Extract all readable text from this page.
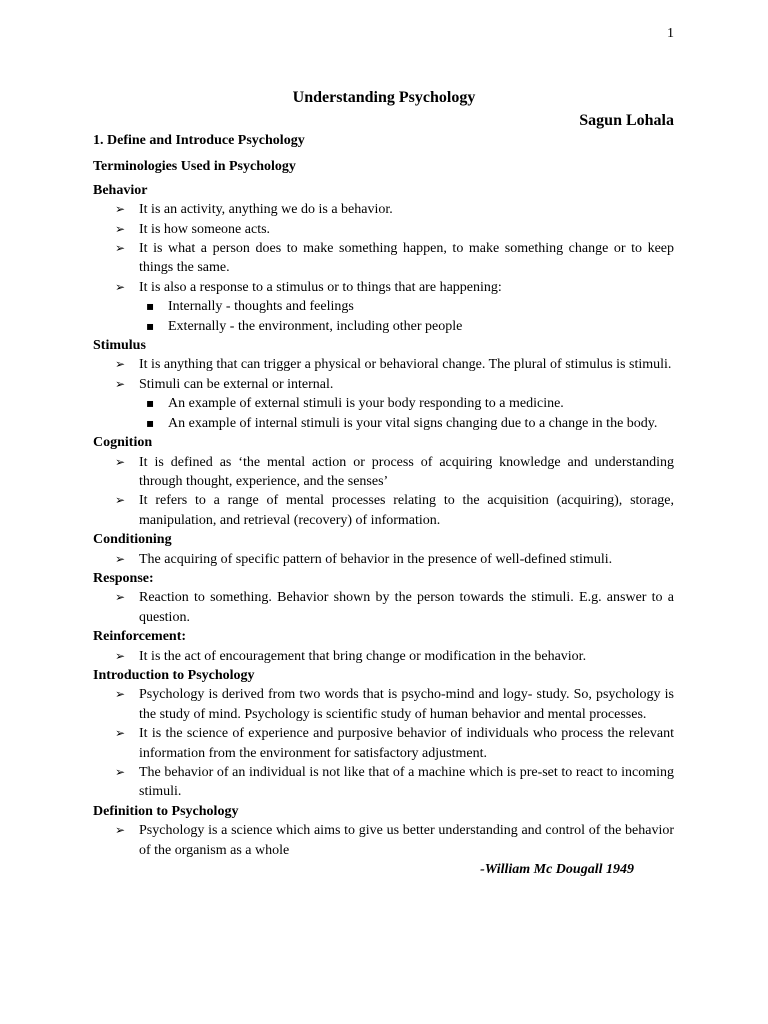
1
Understanding Psychology
Sagun Lohala
1. Define and Introduce Psychology
Terminologies Used in Psychology
Behavior
➢ It is an activity, anything we do is a behavior.
➢ It is how someone acts.
➢ It is what a person does to make something happen, to make something change or to keep things the same.
➢ It is also a response to a stimulus or to things that are happening:
▪ Internally - thoughts and feelings
▪ Externally - the environment, including other people
Stimulus
➢ It is anything that can trigger a physical or behavioral change. The plural of stimulus is stimuli.
➢ Stimuli can be external or internal.
▪ An example of external stimuli is your body responding to a medicine.
▪ An example of internal stimuli is your vital signs changing due to a change in the body.
Cognition
➢ It is defined as ‘the mental action or process of acquiring knowledge and understanding through thought, experience, and the senses’
➢ It refers to a range of mental processes relating to the acquisition (acquiring), storage, manipulation, and retrieval (recovery) of information.
Conditioning
➢ The acquiring of specific pattern of behavior in the presence of well-defined stimuli.
Response:
➢ Reaction to something. Behavior shown by the person towards the stimuli. E.g. answer to a question.
Reinforcement:
➢ It is the act of encouragement that bring change or modification in the behavior.
Introduction to Psychology
➢ Psychology is derived from two words that is psycho-mind and logy- study. So, psychology is the study of mind. Psychology is scientific study of human behavior and mental processes.
➢ It is the science of experience and purposive behavior of individuals who process the relevant information from the environment for satisfactory adjustment.
➢ The behavior of an individual is not like that of a machine which is pre-set to react to incoming stimuli.
Definition to Psychology
➢ Psychology is a science which aims to give us better understanding and control of the behavior of the organism as a whole
-William Mc Dougall 1949
